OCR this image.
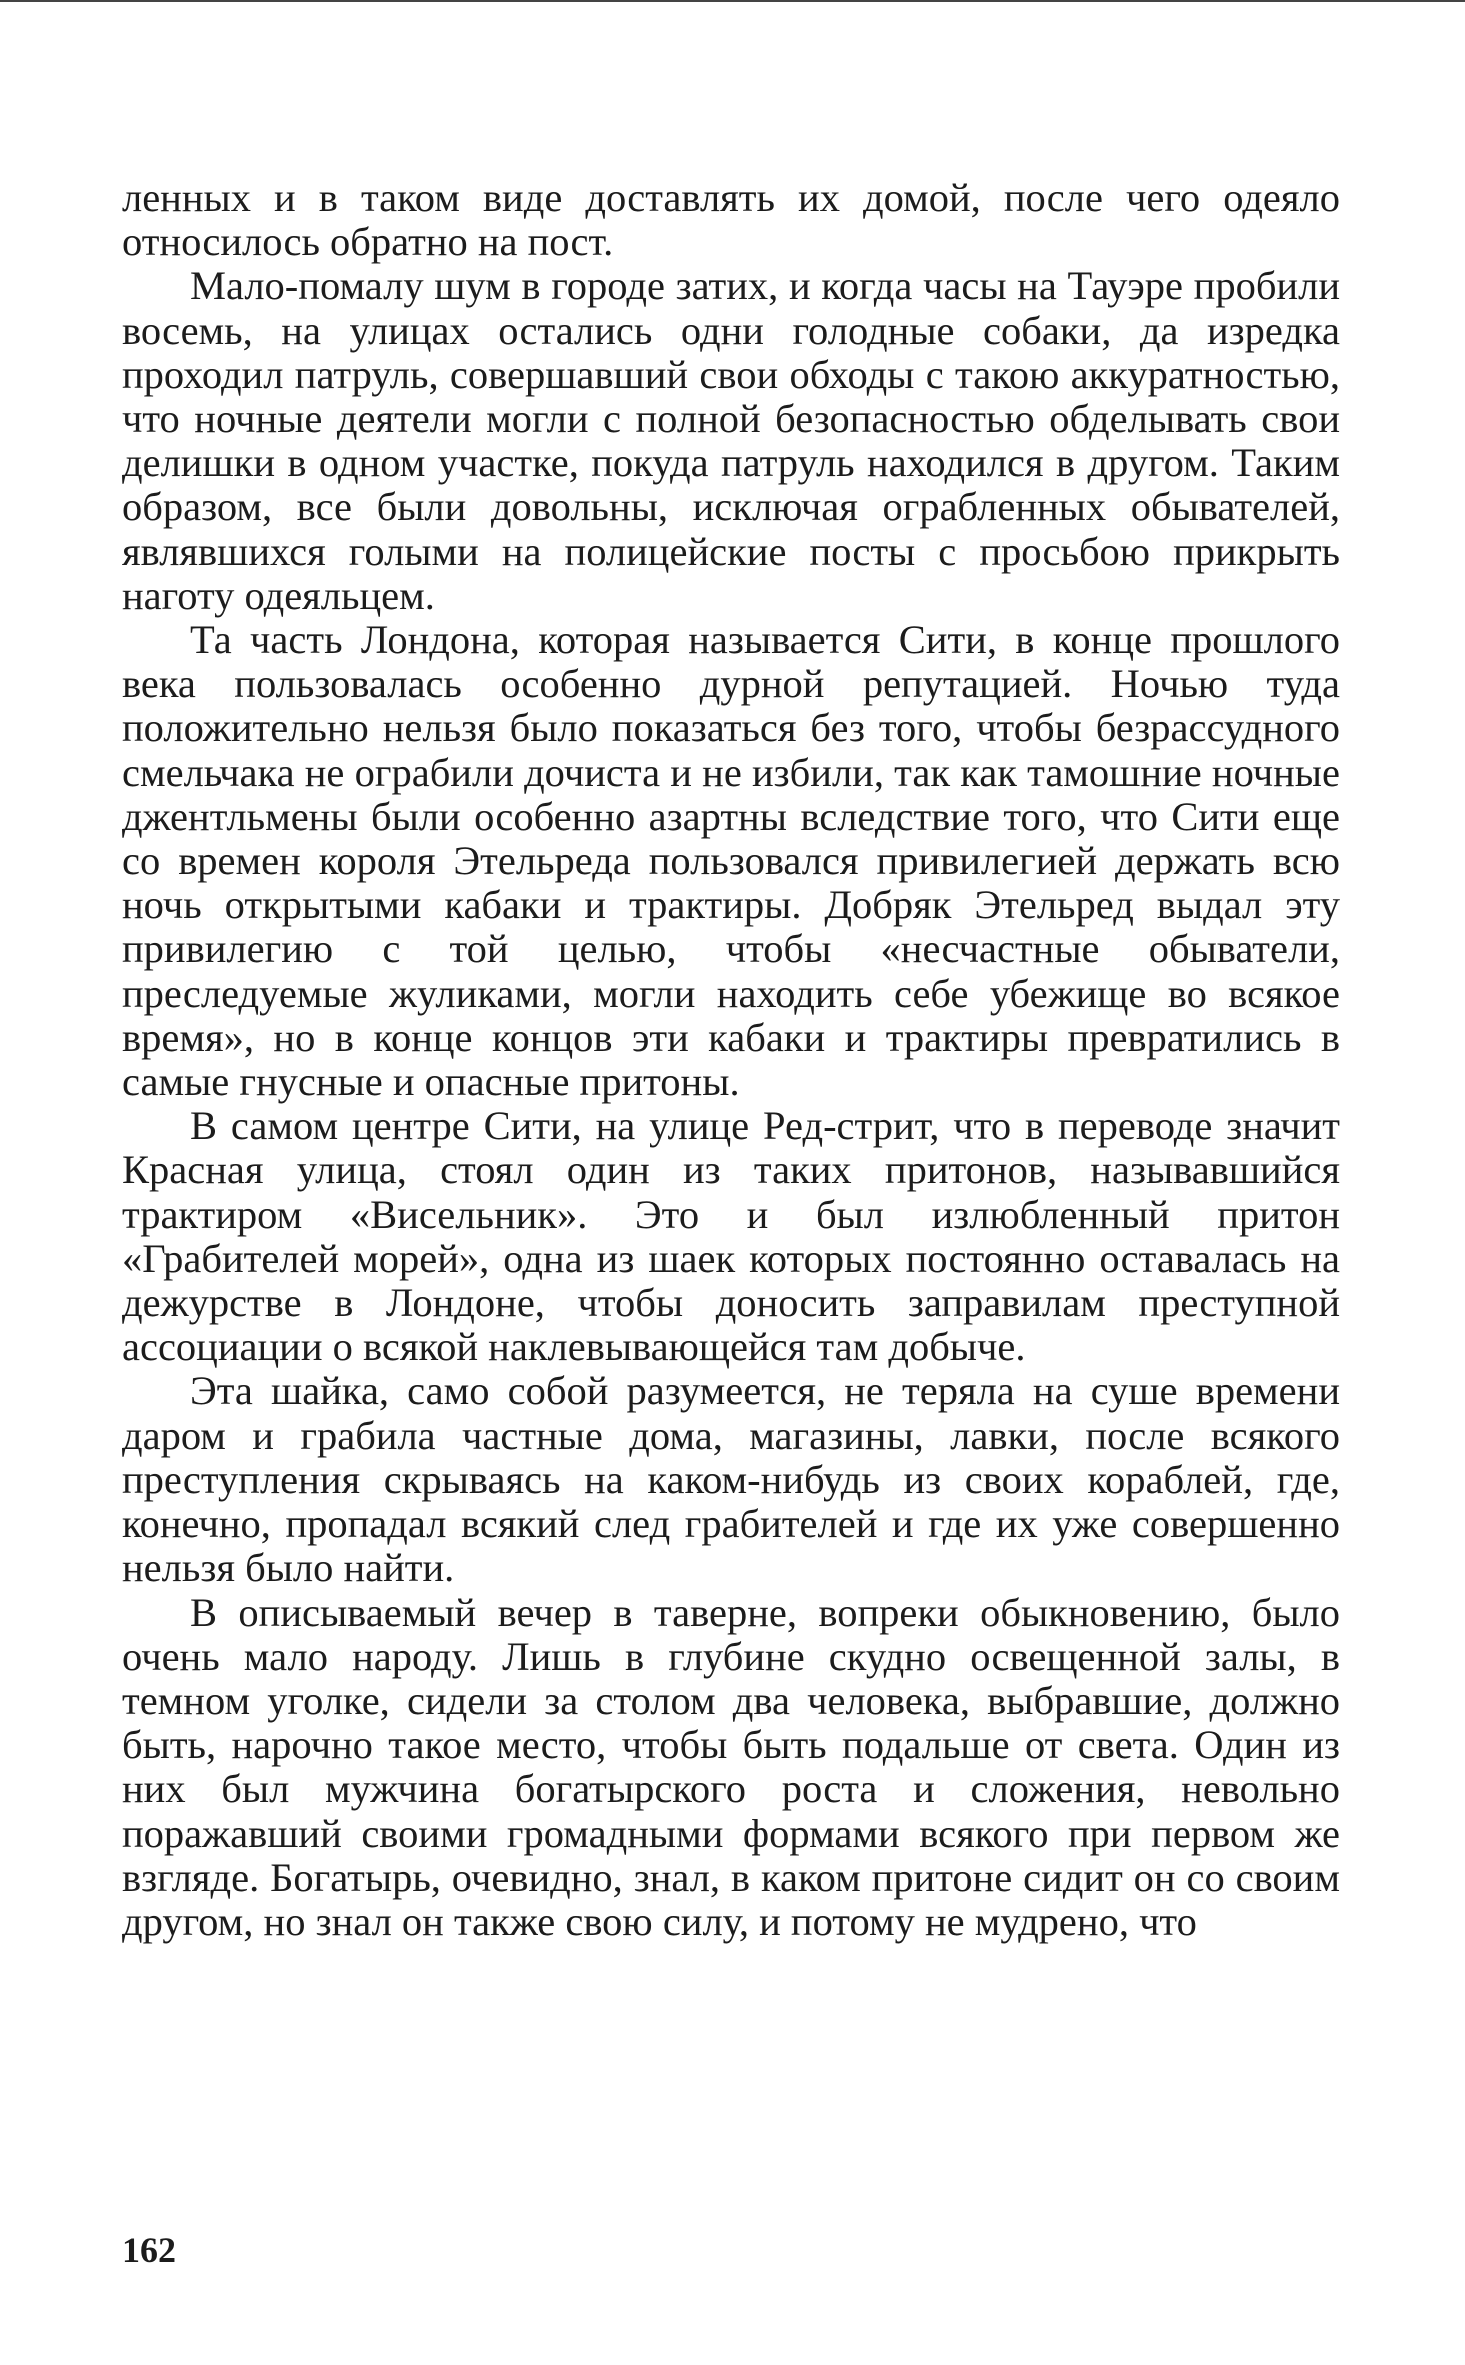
ленных и в таком виде доставлять их домой, после чего одеяло относилось обратно на пост.

Мало-помалу шум в городе затих, и когда часы на Тауэре пробили восемь, на улицах остались одни голодные собаки, да изредка проходил патруль, совершавший свои обходы с такою аккуратностью, что ночные деятели могли с полной безопасностью обделывать свои делишки в одном участке, покуда патруль находился в другом. Таким образом, все были довольны, исключая ограбленных обывателей, являвшихся голыми на полицейские посты с просьбою прикрыть наготу одеяльцем.

Та часть Лондона, которая называется Сити, в конце прошлого века пользовалась особенно дурной репутацией. Ночью туда положительно нельзя было показаться без того, чтобы безрассудного смельчака не ограбили дочиста и не избили, так как тамошние ночные джентльмены были особенно азартны вследствие того, что Сити еще со времен короля Этельреда пользовался привилегией держать всю ночь открытыми кабаки и трактиры. Добряк Этельред выдал эту привилегию с той целью, чтобы «несчастные обыватели, преследуемые жуликами, могли находить себе убежище во всякое время», но в конце концов эти кабаки и трактиры превратились в самые гнусные и опасные притоны.

В самом центре Сити, на улице Ред-стрит, что в переводе значит Красная улица, стоял один из таких притонов, называвшийся трактиром «Висельник». Это и был излюбленный притон «Грабителей морей», одна из шаек которых постоянно оставалась на дежурстве в Лондоне, чтобы доносить заправилам преступной ассоциации о всякой наклевывающейся там добыче.

Эта шайка, само собой разумеется, не теряла на суше времени даром и грабила частные дома, магазины, лавки, после всякого преступления скрываясь на каком-нибудь из своих кораблей, где, конечно, пропадал всякий след грабителей и где их уже совершенно нельзя было найти.

В описываемый вечер в таверне, вопреки обыкновению, было очень мало народу. Лишь в глубине скудно освещенной залы, в темном уголке, сидели за столом два человека, выбравшие, должно быть, нарочно такое место, чтобы быть подальше от света. Один из них был мужчина богатырского роста и сложения, невольно поражавший своими громадными формами всякого при первом же взгляде. Богатырь, очевидно, знал, в каком притоне сидит он со своим другом, но знал он также свою силу, и потому не мудрено, что

162
